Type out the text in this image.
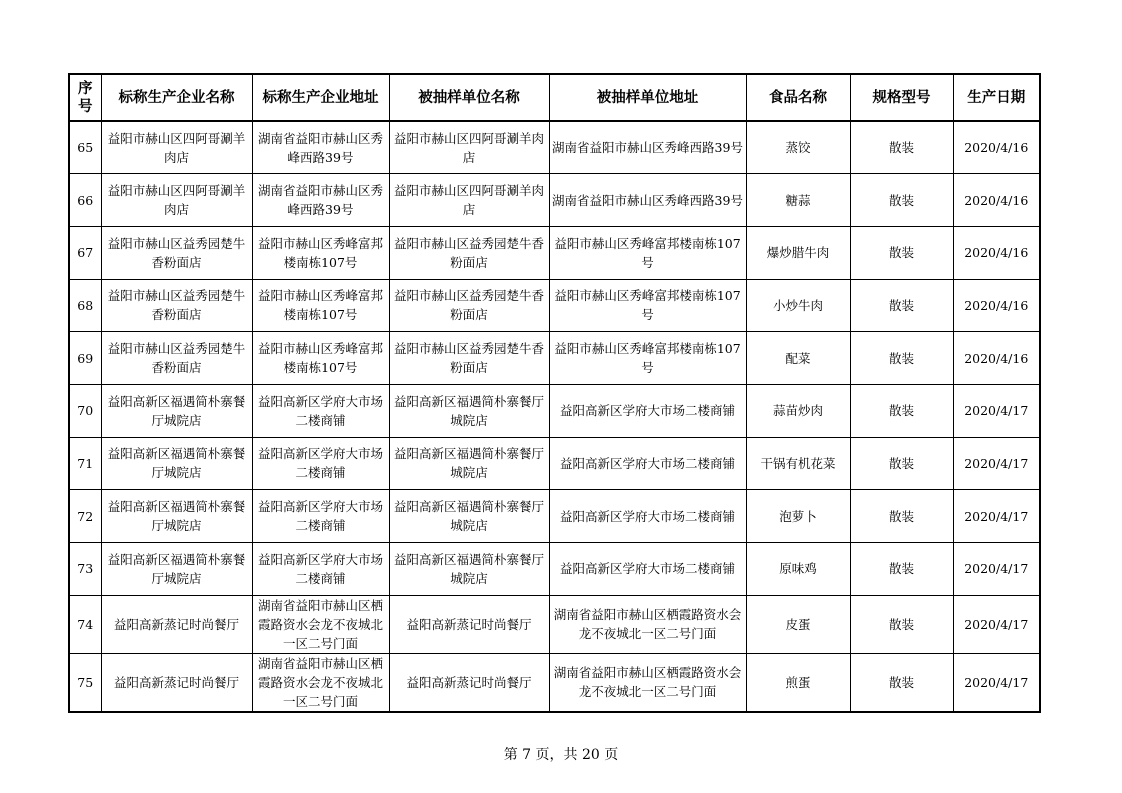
序号	标称生产企业名称	标称生产企业地址	被抽样单位名称	被抽样单位地址	食品名称	规格型号	生产日期
65	益阳市赫山区四阿哥涮羊肉店	湖南省益阳市赫山区秀峰西路39号	益阳市赫山区四阿哥涮羊肉店	湖南省益阳市赫山区秀峰西路39号	蒸饺	散装	2020/4/16
66	益阳市赫山区四阿哥涮羊肉店	湖南省益阳市赫山区秀峰西路39号	益阳市赫山区四阿哥涮羊肉店	湖南省益阳市赫山区秀峰西路39号	糖蒜	散装	2020/4/16
67	益阳市赫山区益秀园楚牛香粉面店	益阳市赫山区秀峰富邦楼南栋107号	益阳市赫山区益秀园楚牛香粉面店	益阳市赫山区秀峰富邦楼南栋107号	爆炒腊牛肉	散装	2020/4/16
68	益阳市赫山区益秀园楚牛香粉面店	益阳市赫山区秀峰富邦楼南栋107号	益阳市赫山区益秀园楚牛香粉面店	益阳市赫山区秀峰富邦楼南栋107号	小炒牛肉	散装	2020/4/16
69	益阳市赫山区益秀园楚牛香粉面店	益阳市赫山区秀峰富邦楼南栋107号	益阳市赫山区益秀园楚牛香粉面店	益阳市赫山区秀峰富邦楼南栋107号	配菜	散装	2020/4/16
70	益阳高新区福遇简朴寨餐厅城院店	益阳高新区学府大市场二楼商铺	益阳高新区福遇简朴寨餐厅城院店	益阳高新区学府大市场二楼商铺	蒜苗炒肉	散装	2020/4/17
71	益阳高新区福遇简朴寨餐厅城院店	益阳高新区学府大市场二楼商铺	益阳高新区福遇简朴寨餐厅城院店	益阳高新区学府大市场二楼商铺	干锅有机花菜	散装	2020/4/17
72	益阳高新区福遇简朴寨餐厅城院店	益阳高新区学府大市场二楼商铺	益阳高新区福遇简朴寨餐厅城院店	益阳高新区学府大市场二楼商铺	泡萝卜	散装	2020/4/17
73	益阳高新区福遇简朴寨餐厅城院店	益阳高新区学府大市场二楼商铺	益阳高新区福遇简朴寨餐厅城院店	益阳高新区学府大市场二楼商铺	原味鸡	散装	2020/4/17
74	益阳高新蒸记时尚餐厅	湖南省益阳市赫山区栖霞路资水会龙不夜城北一区二号门面	益阳高新蒸记时尚餐厅	湖南省益阳市赫山区栖霞路资水会龙不夜城北一区二号门面	皮蛋	散装	2020/4/17
75	益阳高新蒸记时尚餐厅	湖南省益阳市赫山区栖霞路资水会龙不夜城北一区二号门面	益阳高新蒸记时尚餐厅	湖南省益阳市赫山区栖霞路资水会龙不夜城北一区二号门面	煎蛋	散装	2020/4/17
第 7 页，共 20 页
